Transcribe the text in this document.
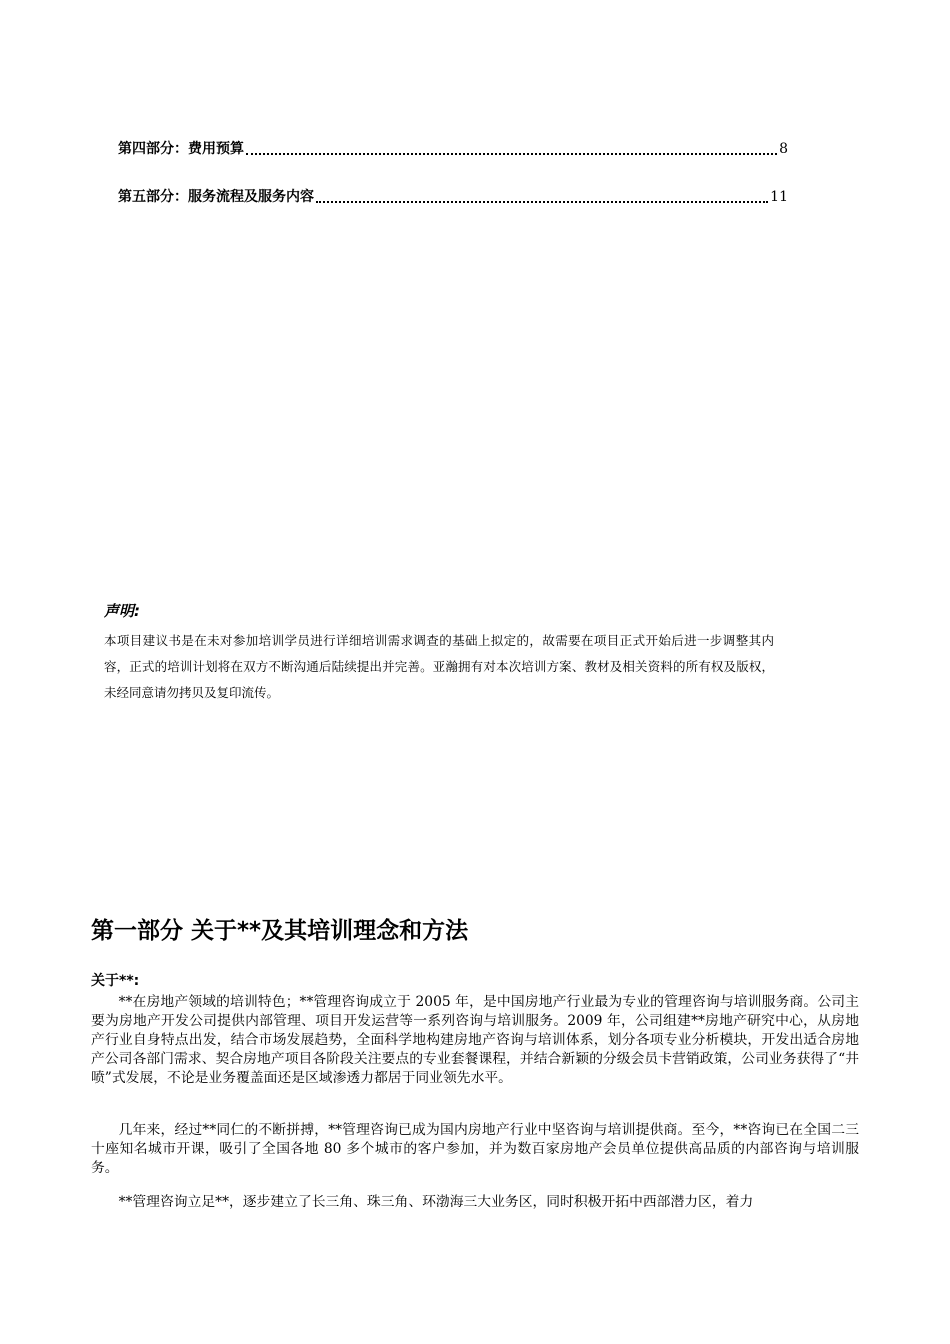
第四部分：费用预算	8
第五部分：服务流程及服务内容	11
声明:
本项目建议书是在未对参加培训学员进行详细培训需求调查的基础上拟定的，故需要在项目正式开始后进一步调整其内容，正式的培训计划将在双方不断沟通后陆续提出并完善。亚瀚拥有对本次培训方案、教材及相关资料的所有权及版权，未经同意请勿拷贝及复印流传。
第一部分 关于**及其培训理念和方法
关于**:

**在房地产领域的培训特色；**管理咨询成立于 2005 年，是中国房地产行业最为专业的管理咨询与培训服务商。公司主要为房地产开发公司提供内部管理、项目开发运营等一系列咨询与培训服务。2009 年，公司组建**房地产研究中心，从房地产行业自身特点出发，结合市场发展趋势，全面科学地构建房地产咨询与培训体系，划分各项专业分析模块，开发出适合房地产公司各部门需求、契合房地产项目各阶段关注要点的专业套餐课程，并结合新颖的分级会员卡营销政策，公司业务获得了“井喷”式发展，不论是业务覆盖面还是区域渗透力都居于同业领先水平。

几年来，经过**同仁的不断拼搏，**管理咨询已成为国内房地产行业中坚咨询与培训提供商。至今，**咨询已在全国二三十座知名城市开课，吸引了全国各地 80 多个城市的客户参加，并为数百家房地产会员单位提供高品质的内部咨询与培训服务。

**管理咨询立足**，逐步建立了长三角、珠三角、环渤海三大业务区，同时积极开拓中西部潜力区，着力
